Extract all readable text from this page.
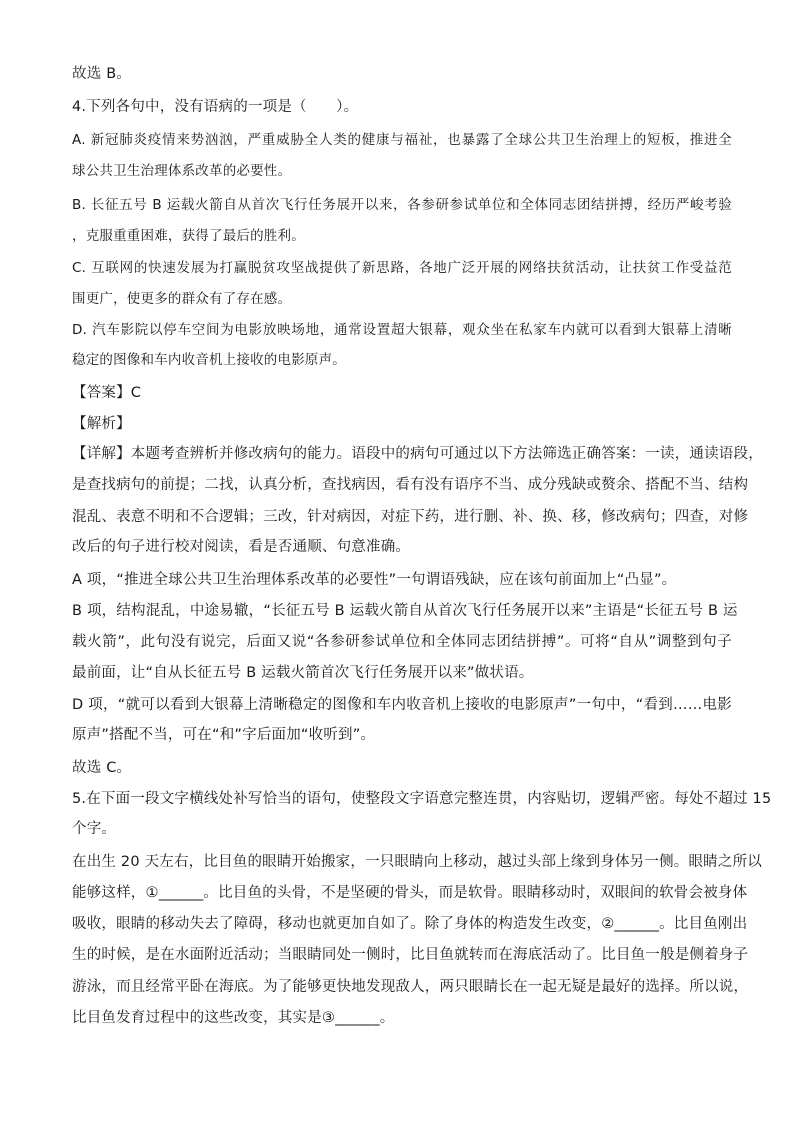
故选 B。
4.下列各句中，没有语病的一项是（　　）。
A. 新冠肺炎疫情来势汹汹，严重威胁全人类的健康与福祉，也暴露了全球公共卫生治理上的短板，推进全
球公共卫生治理体系改革的必要性。
B. 长征五号 B 运载火箭自从首次飞行任务展开以来，各参研参试单位和全体同志团结拼搏，经历严峻考验
，克服重重困难，获得了最后的胜利。
C. 互联网的快速发展为打赢脱贫攻坚战提供了新思路，各地广泛开展的网络扶贫活动，让扶贫工作受益范
围更广，使更多的群众有了存在感。
D. 汽车影院以停车空间为电影放映场地，通常设置超大银幕，观众坐在私家车内就可以看到大银幕上清晰
稳定的图像和车内收音机上接收的电影原声。
【答案】C
【解析】
【详解】本题考查辨析并修改病句的能力。语段中的病句可通过以下方法筛选正确答案：一读，通读语段，
是查找病句的前提；二找，认真分析，查找病因，看有没有语序不当、成分残缺或赘余、搭配不当、结构
混乱、表意不明和不合逻辑；三改，针对病因，对症下药，进行删、补、换、移，修改病句；四查，对修
改后的句子进行校对阅读，看是否通顺、句意准确。
A 项，“推进全球公共卫生治理体系改革的必要性”一句谓语残缺，应在该句前面加上“凸显”。
B 项，结构混乱，中途易辙，“长征五号 B 运载火箭自从首次飞行任务展开以来”主语是“长征五号 B 运
载火箭”，此句没有说完，后面又说“各参研参试单位和全体同志团结拼搏”。可将“自从”调整到句子
最前面，让“自从长征五号 B 运载火箭首次飞行任务展开以来”做状语。
D 项，“就可以看到大银幕上清晰稳定的图像和车内收音机上接收的电影原声”一句中，“看到……电影
原声”搭配不当，可在“和”字后面加“收听到”。
故选 C。
5.在下面一段文字横线处补写恰当的语句，使整段文字语意完整连贯，内容贴切，逻辑严密。每处不超过 15
个字。
在出生 20 天左右，比目鱼的眼睛开始搬家，一只眼睛向上移动，越过头部上缘到身体另一侧。眼睛之所以
能够这样，①______。比目鱼的头骨，不是坚硬的骨头，而是软骨。眼睛移动时，双眼间的软骨会被身体
吸收，眼睛的移动失去了障碍，移动也就更加自如了。除了身体的构造发生改变，②______。比目鱼刚出
生的时候，是在水面附近活动；当眼睛同处一侧时，比目鱼就转而在海底活动了。比目鱼一般是侧着身子
游泳，而且经常平卧在海底。为了能够更快地发现敌人，两只眼睛长在一起无疑是最好的选择。所以说，
比目鱼发育过程中的这些改变，其实是③______。
